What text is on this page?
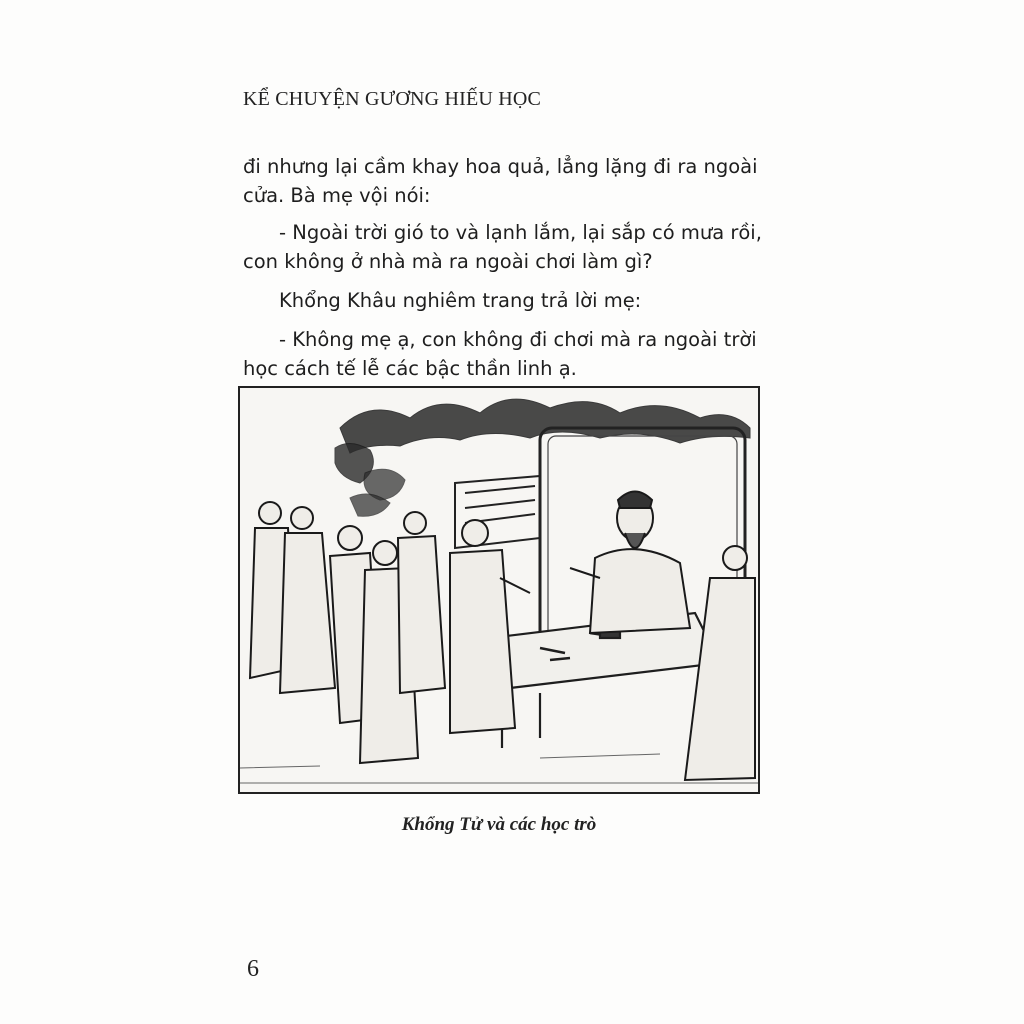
KỂ CHUYỆN GƯƠNG HIẾU HỌC

đi nhưng lại cầm khay hoa quả, lẳng lặng đi ra ngoài cửa. Bà mẹ vội nói:

- Ngoài trời gió to và lạnh lắm, lại sắp có mưa rồi, con không ở nhà mà ra ngoài chơi làm gì?

Khổng Khâu nghiêm trang trả lời mẹ:

- Không mẹ ạ, con không đi chơi mà ra ngoài trời học cách tế lễ các bậc thần linh ạ.

Khổng Tử và các học trò
6
